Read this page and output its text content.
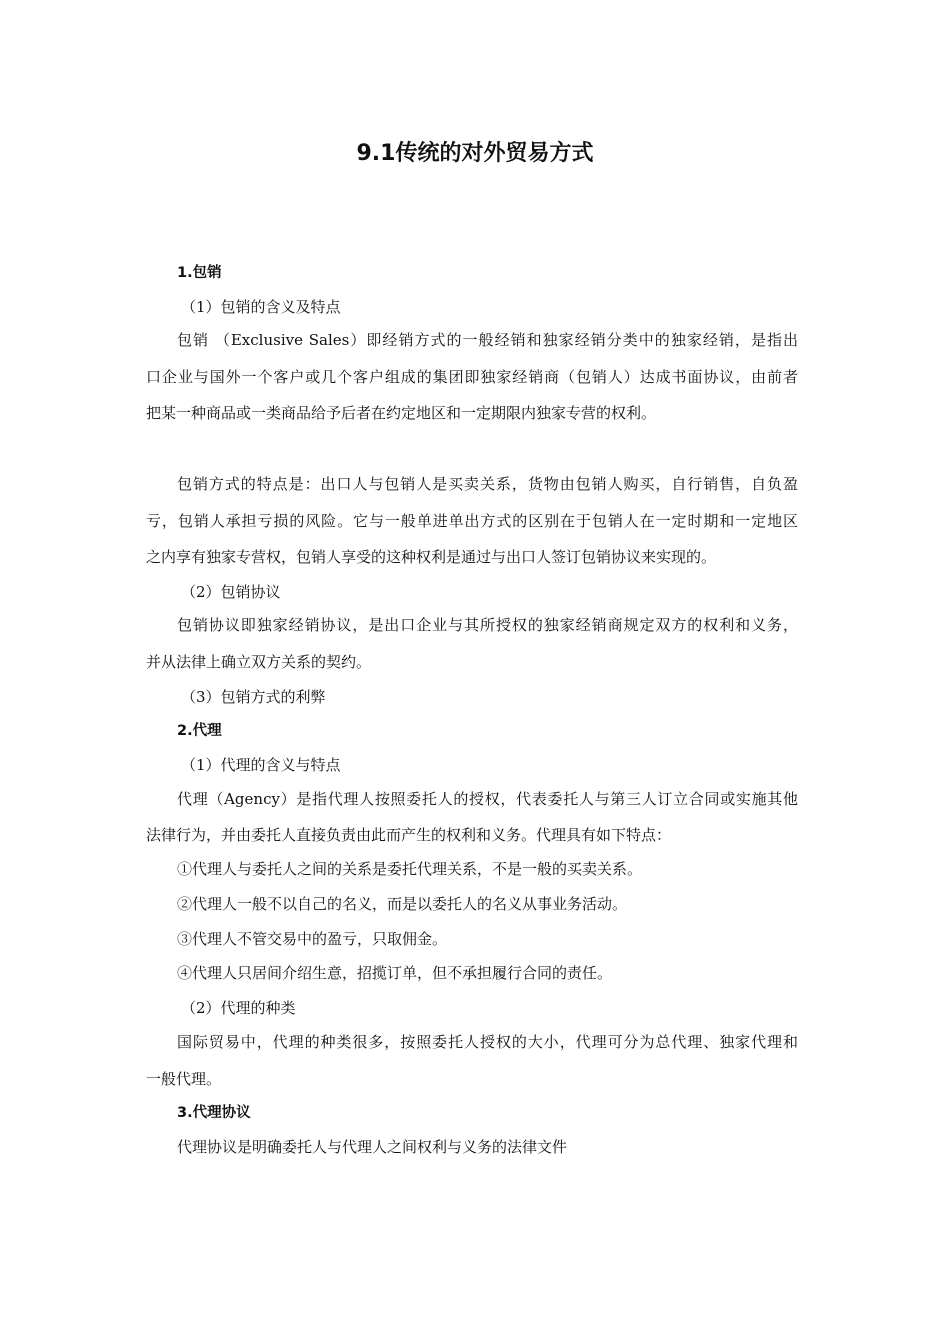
9.1传统的对外贸易方式
1.包销
（1）包销的含义及特点
包销 （Exclusive Sales）即经销方式的一般经销和独家经销分类中的独家经销，是指出
口企业与国外一个客户或几个客户组成的集团即独家经销商（包销人）达成书面协议，由前者
把某一种商品或一类商品给予后者在约定地区和一定期限内独家专营的权利。
包销方式的特点是：出口人与包销人是买卖关系，货物由包销人购买，自行销售，自负盈
亏，包销人承担亏损的风险。它与一般单进单出方式的区别在于包销人在一定时期和一定地区
之内享有独家专营权，包销人享受的这种权利是通过与出口人签订包销协议来实现的。
（2）包销协议
包销协议即独家经销协议，是出口企业与其所授权的独家经销商规定双方的权利和义务，
并从法律上确立双方关系的契约。
（3）包销方式的利弊
2.代理
（1）代理的含义与特点
代理（Agency）是指代理人按照委托人的授权，代表委托人与第三人订立合同或实施其他
法律行为，并由委托人直接负责由此而产生的权利和义务。代理具有如下特点：
①代理人与委托人之间的关系是委托代理关系，不是一般的买卖关系。
②代理人一般不以自己的名义，而是以委托人的名义从事业务活动。
③代理人不管交易中的盈亏，只取佣金。
④代理人只居间介绍生意，招揽订单，但不承担履行合同的责任。
（2）代理的种类
国际贸易中，代理的种类很多，按照委托人授权的大小，代理可分为总代理、独家代理和
一般代理。
3.代理协议
代理协议是明确委托人与代理人之间权利与义务的法律文件
